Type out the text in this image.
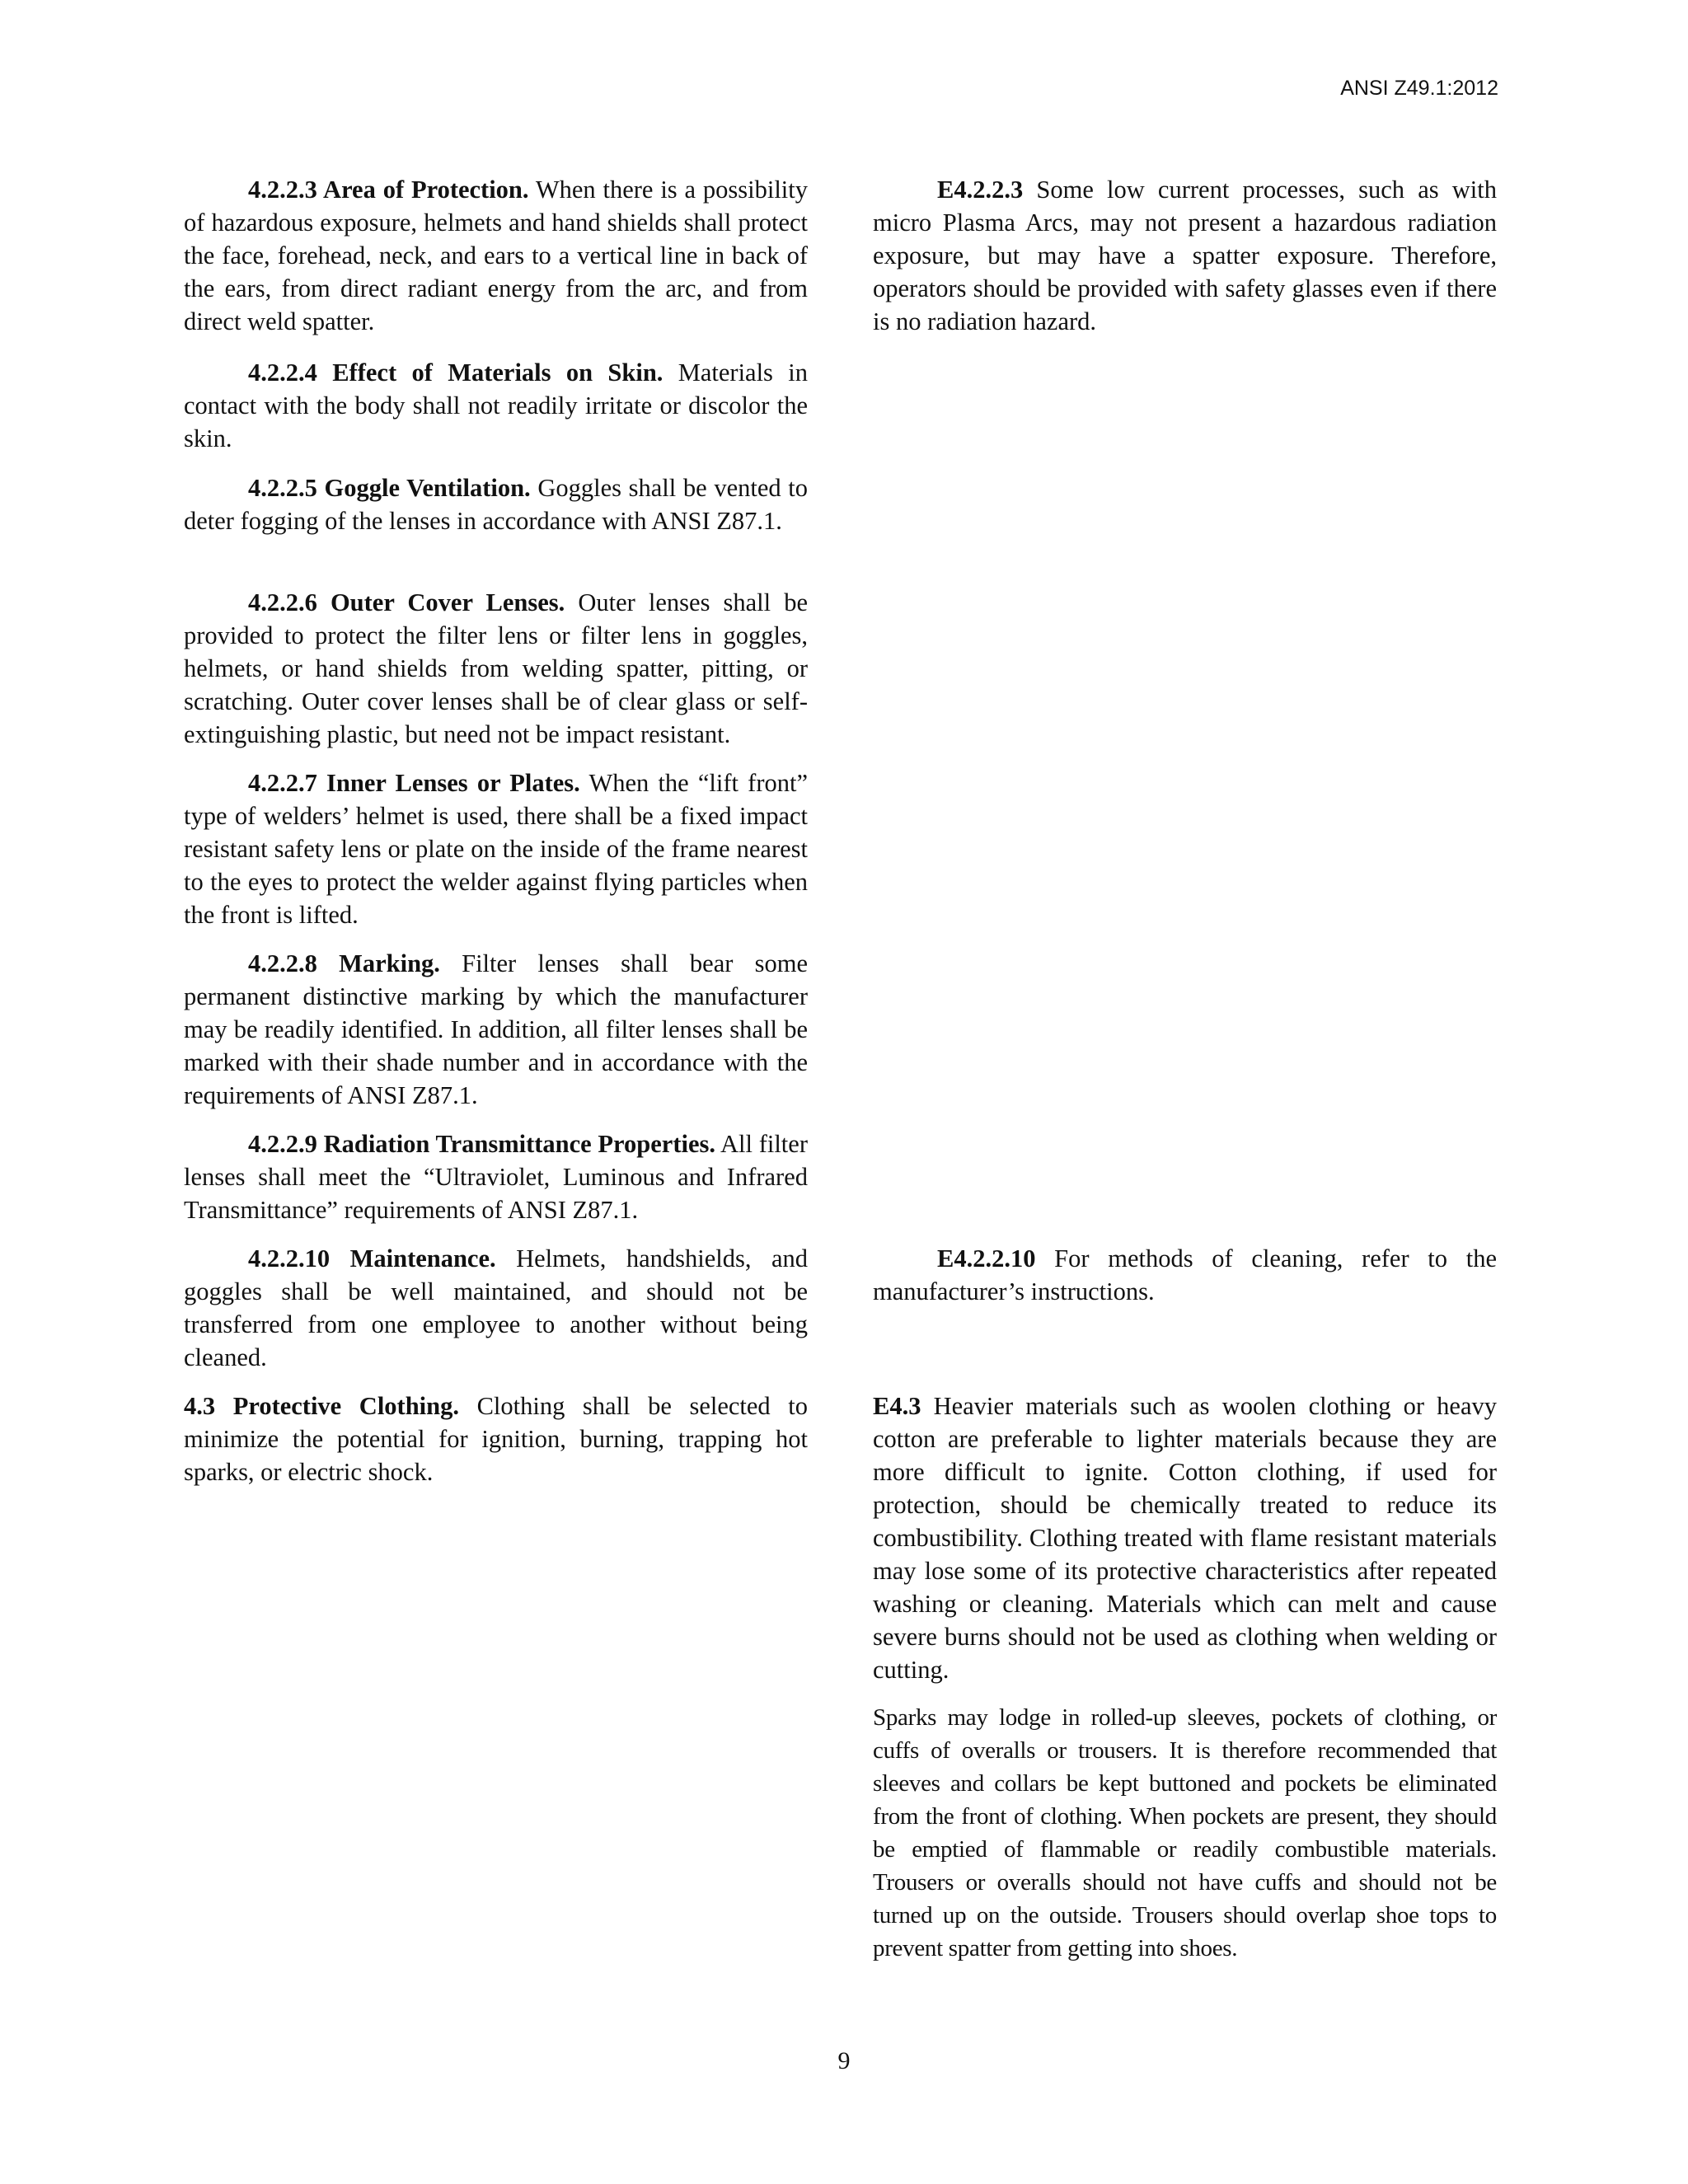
ANSI Z49.1:2012

4.2.2.3 Area of Protection. When there is a possibility of hazardous exposure, helmets and hand shields shall protect the face, forehead, neck, and ears to a vertical line in back of the ears, from direct radiant energy from the arc, and from direct weld spatter.

4.2.2.4 Effect of Materials on Skin. Materials in contact with the body shall not readily irritate or discolor the skin.

4.2.2.5 Goggle Ventilation. Goggles shall be vented to deter fogging of the lenses in accordance with ANSI Z87.1.

4.2.2.6 Outer Cover Lenses. Outer lenses shall be provided to protect the filter lens or filter lens in goggles, helmets, or hand shields from welding spatter, pitting, or scratching. Outer cover lenses shall be of clear glass or self-extinguishing plastic, but need not be impact resistant.

4.2.2.7 Inner Lenses or Plates. When the “lift front” type of welders’ helmet is used, there shall be a fixed impact resistant safety lens or plate on the inside of the frame nearest to the eyes to protect the welder against flying particles when the front is lifted.

4.2.2.8 Marking. Filter lenses shall bear some permanent distinctive marking by which the manufacturer may be readily identified. In addition, all filter lenses shall be marked with their shade number and in accordance with the requirements of ANSI Z87.1.

4.2.2.9 Radiation Transmittance Properties. All filter lenses shall meet the “Ultraviolet, Luminous and Infrared Transmittance” requirements of ANSI Z87.1.

4.2.2.10 Maintenance. Helmets, handshields, and goggles shall be well maintained, and should not be transferred from one employee to another without being cleaned.

4.3 Protective Clothing. Clothing shall be selected to minimize the potential for ignition, burning, trapping hot sparks, or electric shock.

E4.2.2.3 Some low current processes, such as with micro Plasma Arcs, may not present a hazardous radiation exposure, but may have a spatter exposure. Therefore, operators should be provided with safety glasses even if there is no radiation hazard.

E4.2.2.10 For methods of cleaning, refer to the manufacturer’s instructions.

E4.3 Heavier materials such as woolen clothing or heavy cotton are preferable to lighter materials because they are more difficult to ignite. Cotton clothing, if used for protection, should be chemically treated to reduce its combustibility. Clothing treated with flame resistant materials may lose some of its protective characteristics after repeated washing or cleaning. Materials which can melt and cause severe burns should not be used as clothing when welding or cutting.

Sparks may lodge in rolled-up sleeves, pockets of clothing, or cuffs of overalls or trousers. It is therefore recommended that sleeves and collars be kept buttoned and pockets be eliminated from the front of clothing. When pockets are present, they should be emptied of flammable or readily combustible materials. Trousers or overalls should not have cuffs and should not be turned up on the outside. Trousers should overlap shoe tops to prevent spatter from getting into shoes.

9
